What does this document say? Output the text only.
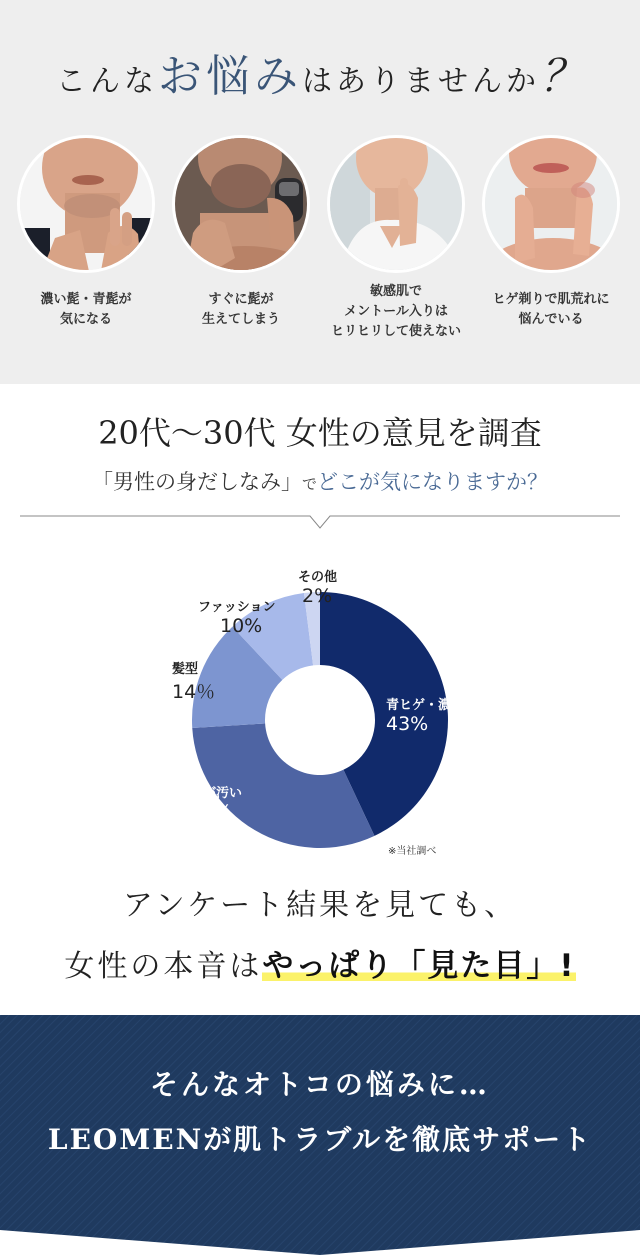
こんなお悩みはありませんか？
濃い髭・青髭が
気になる
すぐに髭が
生えてしまう
敏感肌で
メントール入りは
ヒリヒリして使えない
ヒゲ剃りで肌荒れに
悩んでいる
20代～30代 女性の意見を調査
「男性の身だしなみ」でどこが気になりますか？
青ヒゲ・濃いヒゲ・体毛の手入れ
43%
肌が汚い
31%
髪型
14％
ファッション
10%
その他
2%
※当社調べ
アンケート結果を見ても、
女性の本音はやっぱり「見た目」!
そんなオトコの悩みに…
LEOMENが肌トラブルを徹底サポート
